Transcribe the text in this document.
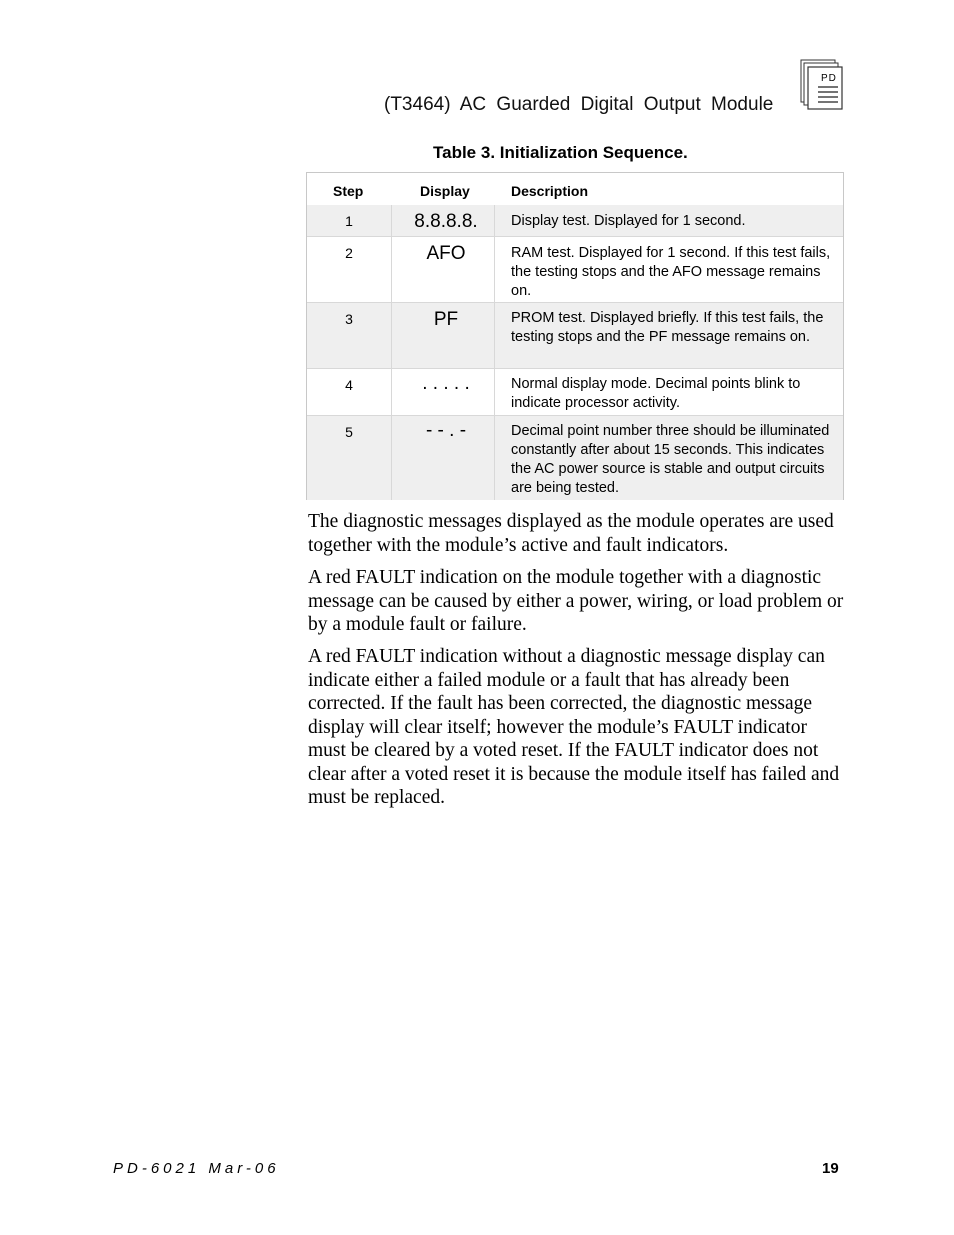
(T3464) AC Guarded Digital Output Module
PD
Table 3. Initialization Sequence.
Step	Display	Description
1	8.8.8.8.	Display test. Displayed for 1 second.
2	AFO	RAM test. Displayed for 1 second. If this test fails, the testing stops and the AFO message remains on.
3	PF	PROM test. Displayed briefly. If this test fails, the testing stops and the PF message remains on.
4	. . . . .	Normal display mode. Decimal points blink to indicate processor activity.
5	- - . -	Decimal point number three should be illuminated constantly after about 15 seconds. This indicates the AC power source is stable and output circuits are being tested.
The diagnostic messages displayed as the module operates are used together with the module’s active and fault indicators.
A red FAULT indication on the module together with a diagnostic message can be caused by either a power, wiring, or load problem or by a module fault or failure.
A red FAULT indication without a diagnostic message display can indicate either a failed module or a fault that has already been corrected. If the fault has been corrected, the diagnostic message display will clear itself; however the module’s FAULT indicator must be cleared by a voted reset. If the FAULT indicator does not clear after a voted reset it is because the module itself has failed and must be replaced.
PD-6021 Mar-06	19
